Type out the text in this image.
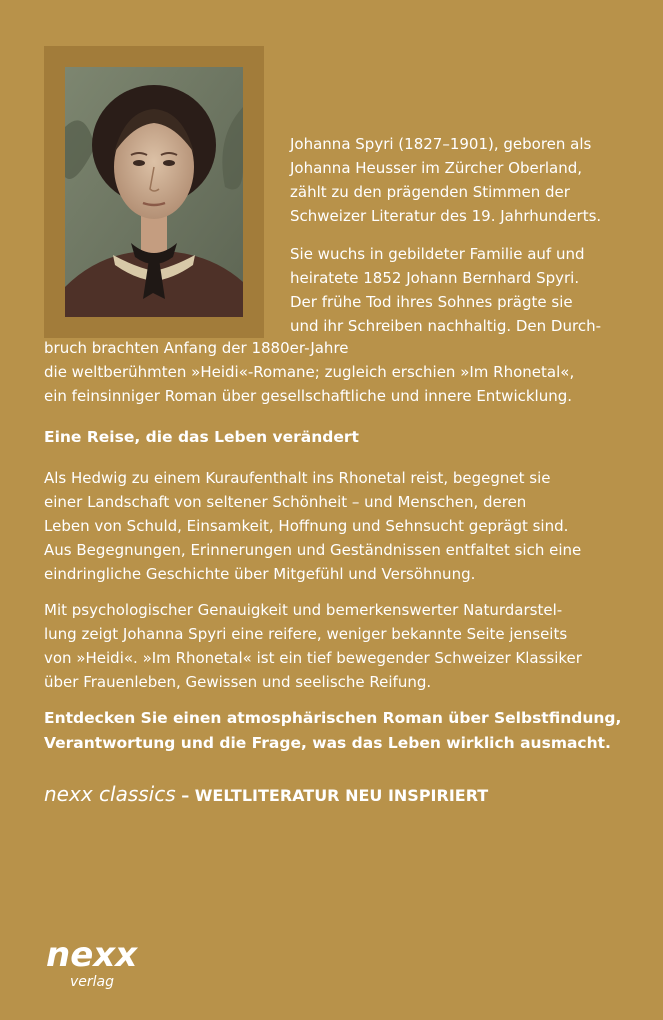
Johanna Spyri (1827–1901), geboren als
Johanna Heusser im Zürcher Oberland,
zählt zu den prägenden Stimmen der
Schweizer Literatur des 19. Jahrhunderts.

Sie wuchs in gebildeter Familie auf und
heiratete 1852 Johann Bernhard Spyri.
Der frühe Tod ihres Sohnes prägte sie
und ihr Schreiben nachhaltig. Den Durch-

bruch brachten Anfang der 1880er-Jahre
die weltberühmten »Heidi«-Romane; zugleich erschien »Im Rhonetal«,
ein feinsinniger Roman über gesellschaftliche und innere Entwicklung.

Eine Reise, die das Leben verändert

Als Hedwig zu einem Kuraufenthalt ins Rhonetal reist, begegnet sie
einer Landschaft von seltener Schönheit – und Menschen, deren
Leben von Schuld, Einsamkeit, Hoffnung und Sehnsucht geprägt sind.
Aus Begegnungen, Erinnerungen und Geständnissen entfaltet sich eine
eindringliche Geschichte über Mitgefühl und Versöhnung.

Mit psychologischer Genauigkeit und bemerkenswerter Naturdarstel-
lung zeigt Johanna Spyri eine reifere, weniger bekannte Seite jenseits
von »Heidi«. »Im Rhonetal« ist ein tief bewegender Schweizer Klassiker
über Frauenleben, Gewissen und seelische Reifung.

Entdecken Sie einen atmosphärischen Roman über Selbstfindung,
Verantwortung und die Frage, was das Leben wirklich ausmacht.

nexx classics – WELTLITERATUR NEU INSPIRIERT

nexx
verlag
